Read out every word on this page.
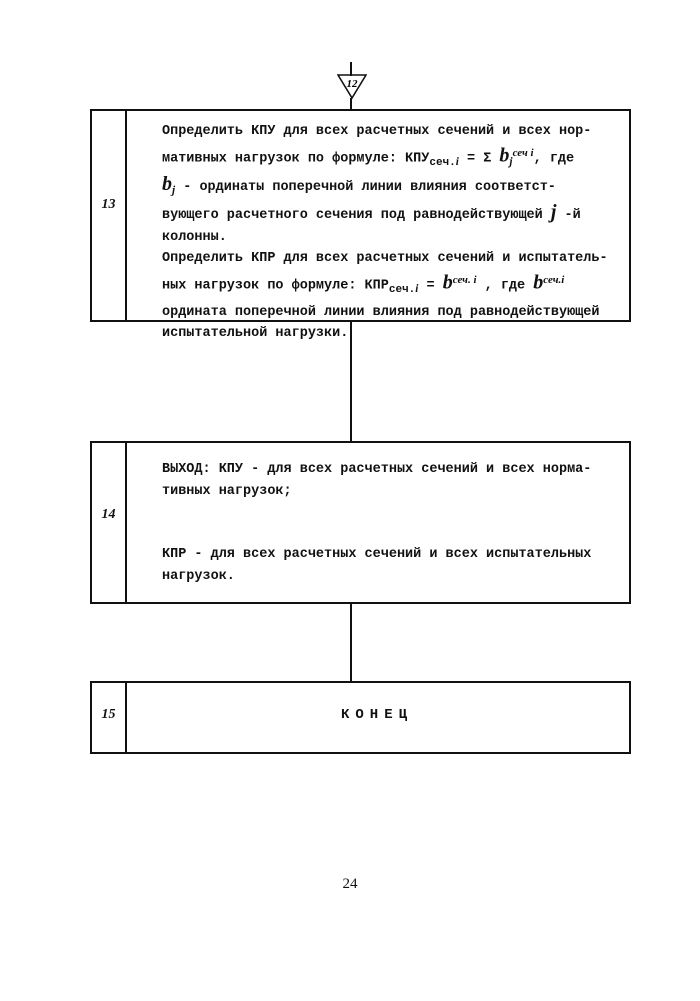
12
13

Определить КПУ для всех расчетных сечений и всех нор-

мативных нагрузок по формуле: $КПУ_{сеч.i} = \Sigma$ $b_j^{сеч i}$, где

$b_j$ - ординаты поперечной линии влияния соответст-

вующего расчетного сечения под равнодействующей j -й

колонны.

Определить КПР для всех расчетных сечений и испытатель-

ных нагрузок по формуле: $КПР_{сеч.i} = b^{сеч. i}$ , где $b^{сеч.i}$

ордината поперечной линии влияния под равнодействующей

испытательной нагрузки.

14

ВЫХОД: КПУ - для всех расчетных сечений и всех норма-

тивных нагрузок;

КПР - для всех расчетных сечений и всех испытательных

нагрузок.

15	КОНЕЦ
24
